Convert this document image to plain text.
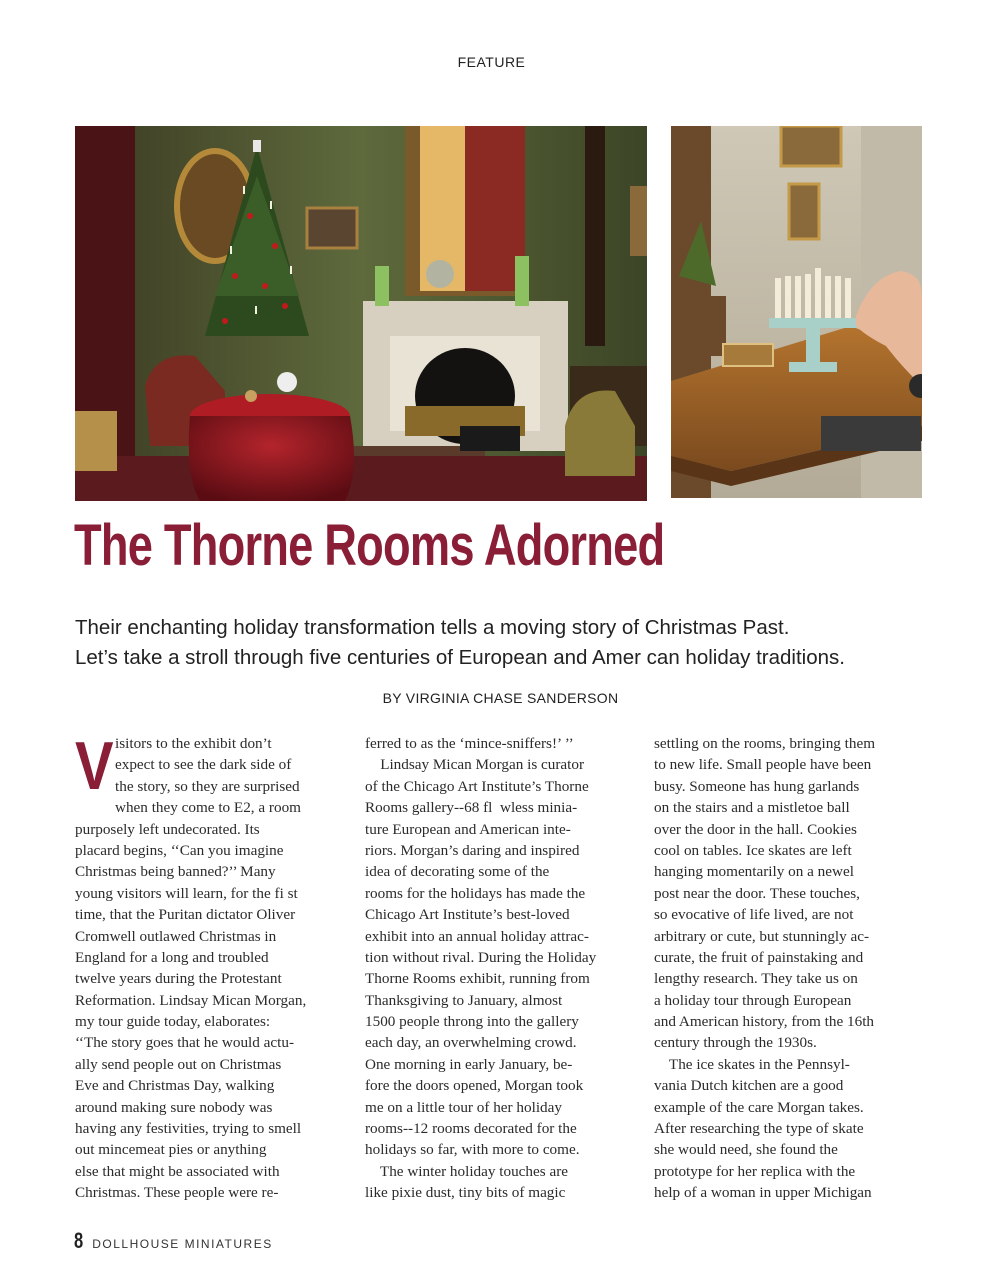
FEATURE
The Thorne Rooms Adorned
Their enchanting holiday transformation tells a moving story of Christmas Past.
Let’s take a stroll through five centuries of European and Amer can holiday traditions.
BY VIRGINIA CHASE SANDERSON
V isitors to the exhibit don’t
expect to see the dark side of
the story, so they are surprised
when they come to E2, a room
purposely left undecorated. Its
placard begins, ‘‘Can you imagine
Christmas being banned?’’ Many
young visitors will learn, for the fi st
time, that the Puritan dictator Oliver
Cromwell outlawed Christmas in
England for a long and troubled
twelve years during the Protestant
Reformation. Lindsay Mican Morgan,
my tour guide today, elaborates:
‘‘The story goes that he would actu-
ally send people out on Christmas
Eve and Christmas Day, walking
around making sure nobody was
having any festivities, trying to smell
out mincemeat pies or anything
else that might be associated with
Christmas. These people were re-
ferred to as the ‘mince-sniffers!’ ’’
Lindsay Mican Morgan is curator
of the Chicago Art Institute’s Thorne
Rooms gallery--68 fl  wless minia-
ture European and American inte-
riors. Morgan’s daring and inspired
idea of decorating some of the
rooms for the holidays has made the
Chicago Art Institute’s best-loved
exhibit into an annual holiday attrac-
tion without rival. During the Holiday
Thorne Rooms exhibit, running from
Thanksgiving to January, almost
1500 people throng into the gallery
each day, an overwhelming crowd.
One morning in early January, be-
fore the doors opened, Morgan took
me on a little tour of her holiday
rooms--12 rooms decorated for the
holidays so far, with more to come.
The winter holiday touches are
like pixie dust, tiny bits of magic
settling on the rooms, bringing them
to new life. Small people have been
busy. Someone has hung garlands
on the stairs and a mistletoe ball
over the door in the hall. Cookies
cool on tables. Ice skates are left
hanging momentarily on a newel
post near the door. These touches,
so evocative of life lived, are not
arbitrary or cute, but stunningly ac-
curate, the fruit of painstaking and
lengthy research. They take us on
a holiday tour through European
and American history, from the 16th
century through the 1930s.
The ice skates in the Pennsyl-
vania Dutch kitchen are a good
example of the care Morgan takes.
After researching the type of skate
she would need, she found the
prototype for her replica with the
help of a woman in upper Michigan
8 DOLLHOUSE MINIATURES
